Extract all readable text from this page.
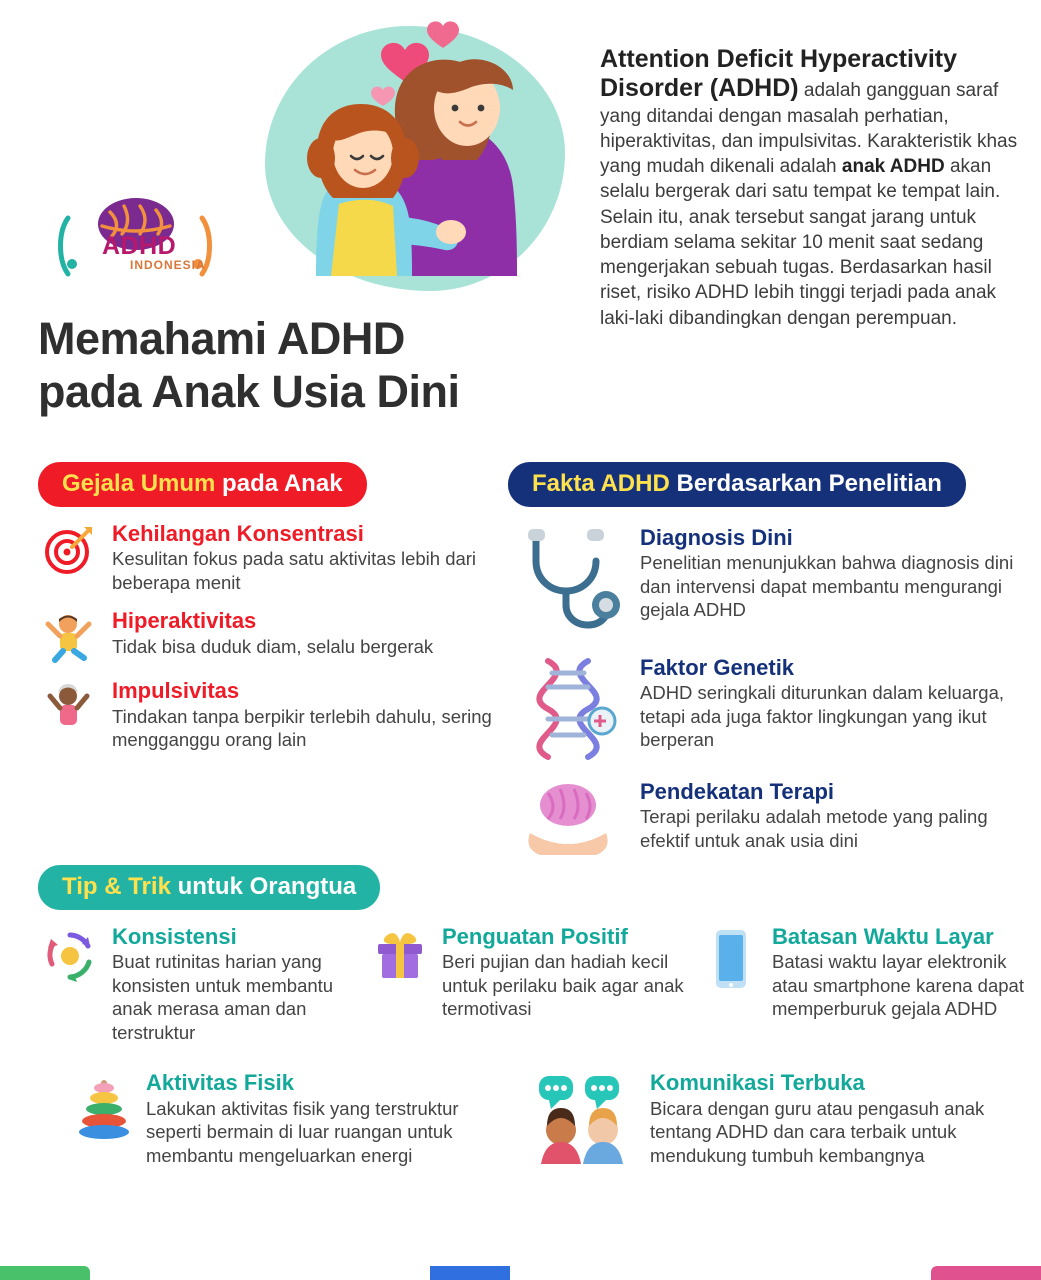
ADHD
INDONESIA
Memahami ADHD
pada Anak Usia Dini

Attention Deficit Hyperactivity Disorder (ADHD) adalah gangguan saraf yang ditandai dengan masalah perhatian, hiperaktivitas, dan impulsivitas. Karakteristik khas yang mudah dikenali adalah anak ADHD akan selalu bergerak dari satu tempat ke tempat lain. Selain itu, anak tersebut sangat jarang untuk berdiam selama sekitar 10 menit saat sedang mengerjakan sebuah tugas. Berdasarkan hasil riset, risiko ADHD lebih tinggi terjadi pada anak laki-laki dibandingkan dengan perempuan.

Gejala Umum pada Anak
Kehilangan Konsentrasi

Kesulitan fokus pada satu aktivitas lebih dari beberapa menit

Hiperaktivitas

Tidak bisa duduk diam, selalu bergerak

Impulsivitas

Tindakan tanpa berpikir terlebih dahulu, sering mengganggu orang lain

Fakta ADHD Berdasarkan Penelitian
Diagnosis Dini

Penelitian menunjukkan bahwa diagnosis dini dan intervensi dapat membantu mengurangi gejala ADHD

Faktor Genetik

ADHD seringkali diturunkan dalam keluarga, tetapi ada juga faktor lingkungan yang ikut berperan

Pendekatan Terapi

Terapi perilaku adalah metode yang paling efektif untuk anak usia dini

Tip & Trik untuk Orangtua
Konsistensi

Buat rutinitas harian yang konsisten untuk membantu anak merasa aman dan terstruktur

Penguatan Positif

Beri pujian dan hadiah kecil untuk perilaku baik agar anak termotivasi

Batasan Waktu Layar

Batasi waktu layar elektronik atau smartphone karena dapat memperburuk gejala ADHD

Aktivitas Fisik

Lakukan aktivitas fisik yang terstruktur seperti bermain di luar ruangan untuk membantu mengeluarkan energi

Komunikasi Terbuka

Bicara dengan guru atau pengasuh anak tentang ADHD dan cara terbaik untuk mendukung tumbuh kembangnya
